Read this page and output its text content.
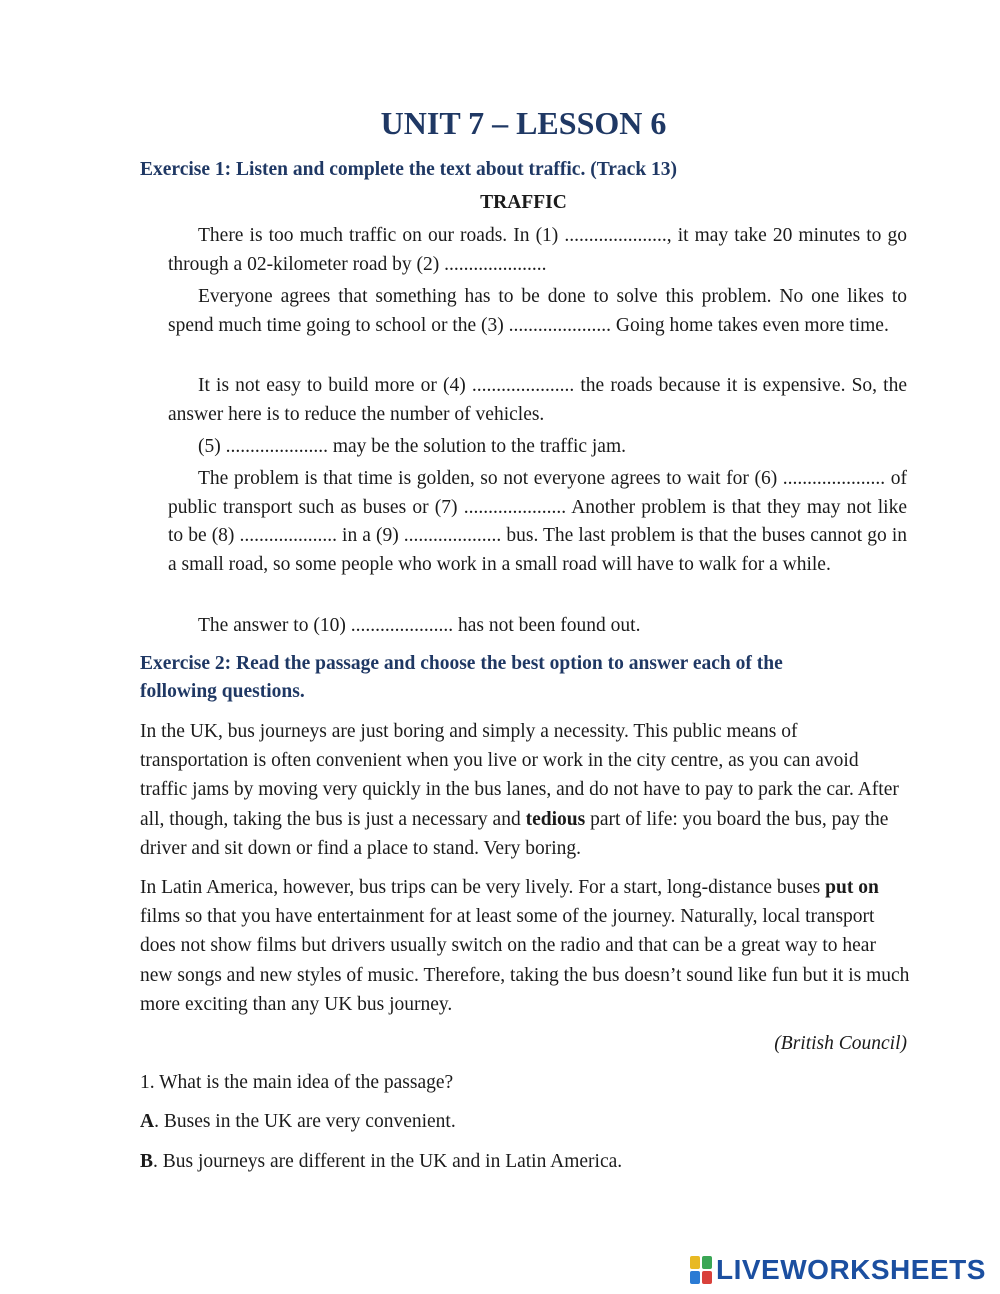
UNIT 7 – LESSON 6
Exercise 1: Listen and complete the text about traffic. (Track 13)
TRAFFIC

There is too much traffic on our roads. In (1) ....................., it may take 20 minutes to go through a 02-kilometer road by (2) .....................

Everyone agrees that something has to be done to solve this problem. No one likes to spend much time going to school or the (3) ..................... Going home takes even more time.

It is not easy to build more or (4) ..................... the roads because it is expensive. So, the answer here is to reduce the number of vehicles.

(5) ..................... may be the solution to the traffic jam.

The problem is that time is golden, so not everyone agrees to wait for (6) ..................... of public transport such as buses or (7) ..................... Another problem is that they may not like to be (8) .................... in a (9) .................... bus. The last problem is that the buses cannot go in a small road, so some people who work in a small road will have to walk for a while.

The answer to (10) ..................... has not been found out.

Exercise 2: Read the passage and choose the best option to answer each of the
following questions.

In the UK, bus journeys are just boring and simply a necessity. This public means of transportation is often convenient when you live or work in the city centre, as you can avoid traffic jams by moving very quickly in the bus lanes, and do not have to pay to park the car. After all, though, taking the bus is just a necessary and tedious part of life: you board the bus, pay the driver and sit down or find a place to stand. Very boring.

In Latin America, however, bus trips can be very lively. For a start, long-distance buses put on films so that you have entertainment for at least some of the journey. Naturally, local transport does not show films but drivers usually switch on the radio and that can be a great way to hear new songs and new styles of music. Therefore, taking the bus doesn’t sound like fun but it is much more exciting than any UK bus journey.

(British Council)

1. What is the main idea of the passage?

A. Buses in the UK are very convenient.

B. Bus journeys are different in the UK and in Latin America.

LIVEWORKSHEETS
